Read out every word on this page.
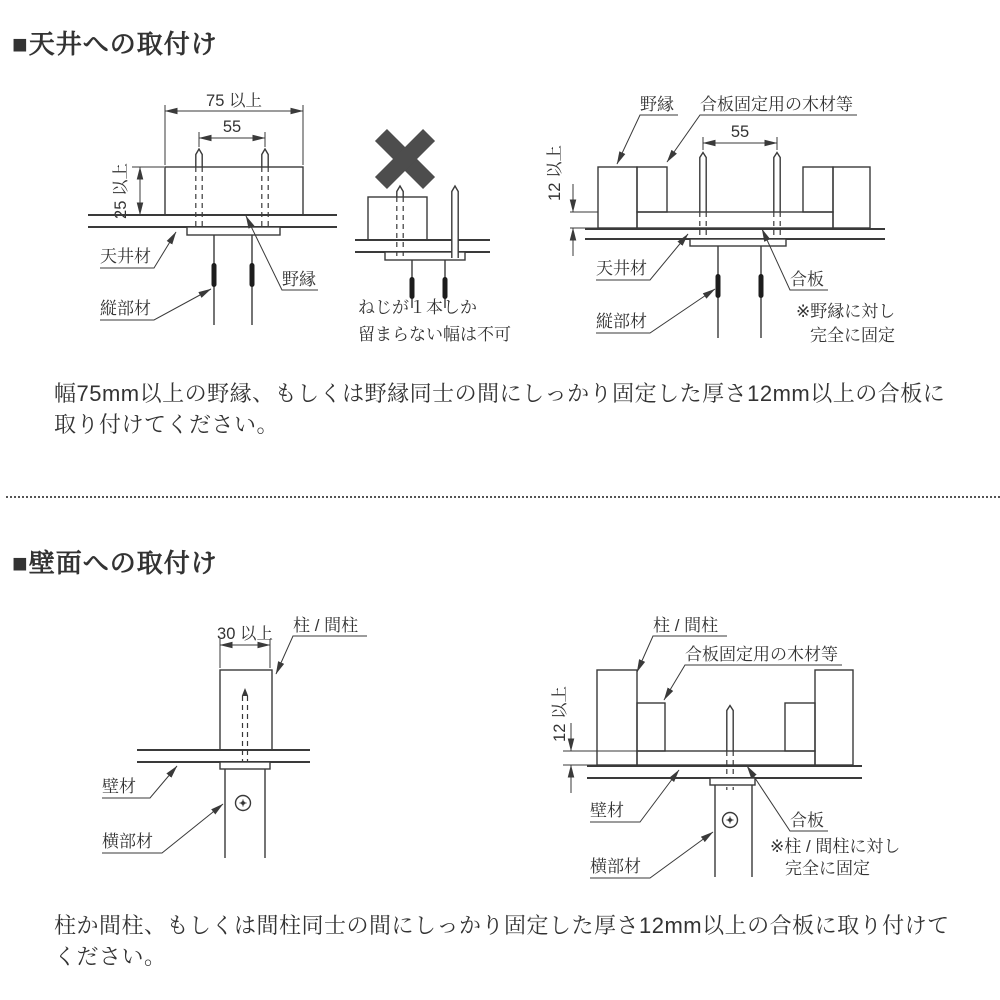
■天井への取付け
75 以上
55
25 以上
天井材
縦部材
野縁
ねじが１本しか
留まらない幅は不可
野縁 合板固定用の木材等
55
12 以上
天井材
縦部材
合板
※野縁に対し
完全に固定

幅75mm以上の野縁、もしくは野縁同士の間にしっかり固定した厚さ12mm以上の合板に
取り付けてください。

■壁面への取付け
30 以上 柱 / 間柱
壁材
横部材
柱 / 間柱
合板固定用の木材等
12 以上
壁材
横部材
合板
※柱 / 間柱に対し
完全に固定

柱か間柱、もしくは間柱同士の間にしっかり固定した厚さ12mm以上の合板に取り付けて
ください。
